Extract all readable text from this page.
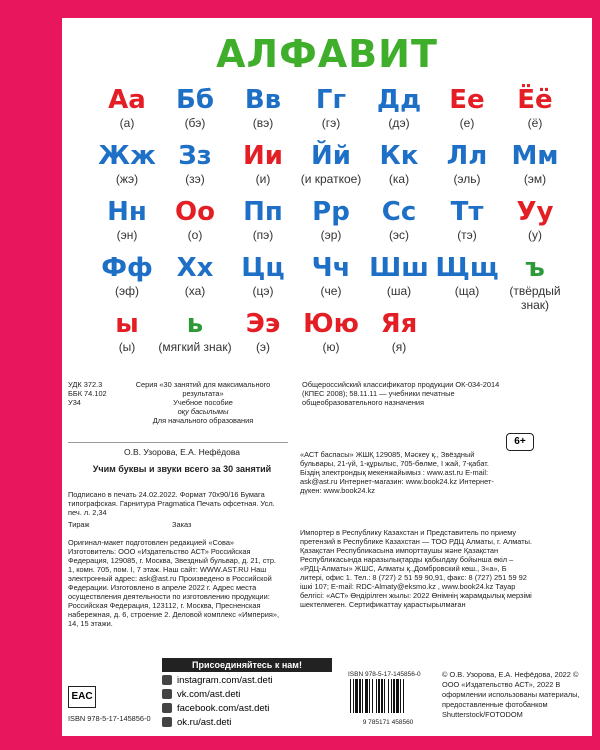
АЛФАВИТ
Аа
(а)
Бб
(бэ)
Вв
(вэ)
Гг
(гэ)
Дд
(дэ)
Ее
(е)
Ёё
(ё)
Жж
(жэ)
Зз
(зэ)
Ии
(и)
Йй
(и краткое)
Кк
(ка)
Лл
(эль)
Мм
(эм)
Нн
(эн)
Оо
(о)
Пп
(пэ)
Рр
(эр)
Сс
(эс)
Тт
(тэ)
Уу
(у)
Фф
(эф)
Хх
(ха)
Цц
(цэ)
Чч
(че)
Шш
(ша)
Щщ
(ща)
ъ
(твёрдый знак)
ы
(ы)
ь
(мягкий знак)
Ээ
(э)
Юю
(ю)
Яя
(я)
УДК 372.3
ББК 74.102
У34
Серия «30 занятий для максимального результата»
Учебное пособие
оқу басылымы
Для начального образования
Общероссийский классификатор продукции ОК-034-2014 (КПЕС 2008); 58.11.11 — учебники печатные общеобразовательного назначения
О.В. Узорова, Е.А. Нефёдова
Учим буквы и звуки всего за 30 занятий
Подписано в печать 24.02.2022. Формат 70х90/16 Бумага типографская. Гарнитура Pragmatica Печать офсетная. Усл. печ. л. 2,34
Тираж	Заказ
Оригинал-макет подготовлен редакцией «Сова» Изготовитель: ООО «Издательство АСТ» Российская Федерация, 129085, г. Москва, Звездный бульвар, д. 21, стр. 1, комн. 705, пом. I, 7 этаж. Наш сайт: WWW.AST.RU Наш электронный адрес: ask@ast.ru Произведено в Российской Федерации. Изготовлено в апреле 2022 г. Адрес места осуществления деятельности по изготовлению продукции: Российская Федерация, 123112, г. Москва, Пресненская набережная, д. 6, строение 2. Деловой комплекс «Империя», 14, 15 этажи.
«АСТ баспасы» ЖШҚ 129085, Мәскеу қ., Звёздный бульвары, 21-үй, 1-құрылыс, 705-бөлме, I жай, 7-қабат. Біздің электрондық мекенжайымыз : www.ast.ru E-mail: ask@ast.ru Интернет-магазин: www.book24.kz Интернет-дүкен: www.book24.kz
6+
Импортер в Республику Казахстан и Представитель по приему претензий в Республике Казахстан — ТОО РДЦ Алматы, г. Алматы. Қазақстан Республикасына импорттаушы және Қазақстан Республикасында наразылықтарды қабылдау бойынша өкіл – «РДЦ-Алматы» ЖШС, Алматы қ.,Домбровский көш., 3«а», Б литері, офис 1. Тел.: 8 (727) 2 51 59 90,91, факс: 8 (727) 251 59 92 ішкі 107; E-mail: RDC-Almaty@eksmo.kz , www.book24.kz Тауар белгісі: «АСТ» Өндірілген жылы: 2022 Өнімнің жарамдылық мерзімі шектелмеген. Сертификаттау қарастырылмаған
EAC
ISBN 978-5-17-145856-0
Присоединяйтесь к нам!
instagram.com/ast.deti
vk.com/ast.deti
facebook.com/ast.deti
ok.ru/ast.deti
ISBN 978-5-17-145856-0
9 785171 458560
© О.В. Узорова, Е.А. Нефёдова, 2022 © ООО «Издательство АСТ», 2022 В оформлении использованы материалы, предоставленные фотобанком Shutterstock/FOTODOM
